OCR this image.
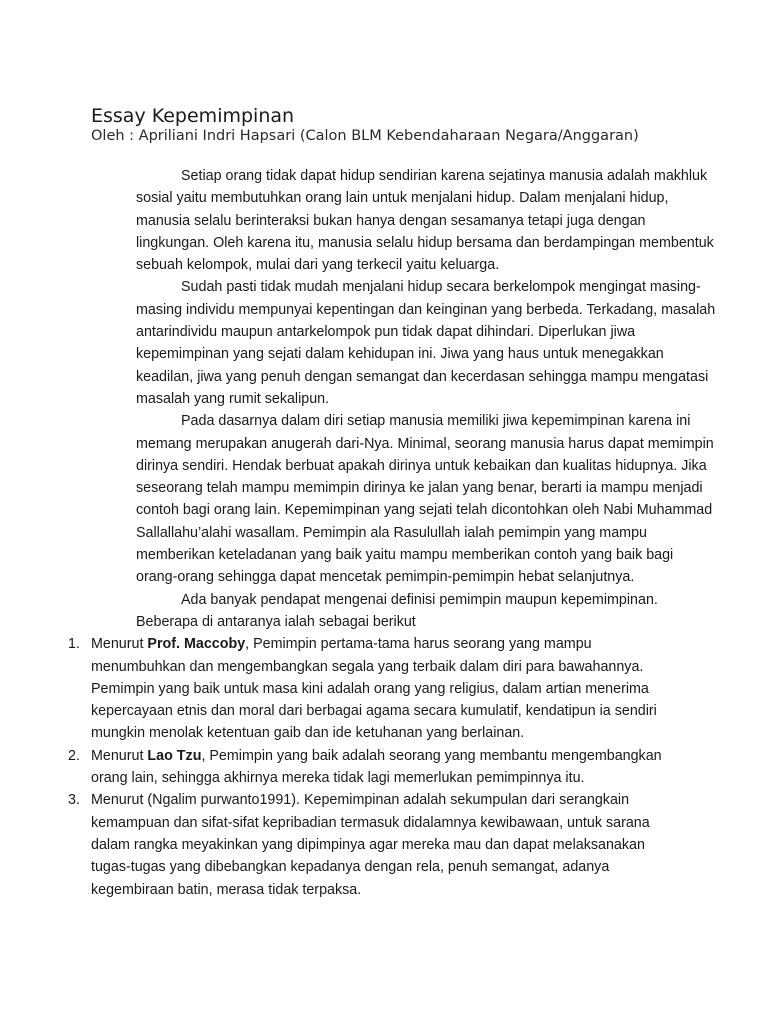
Essay Kepemimpinan

Oleh : Apriliani Indri Hapsari (Calon BLM Kebendaharaan Negara/Anggaran)

Setiap orang tidak dapat hidup sendirian karena sejatinya manusia adalah makhluk
sosial yaitu membutuhkan orang lain untuk menjalani hidup. Dalam menjalani hidup,
manusia selalu berinteraksi bukan hanya dengan sesamanya tetapi juga dengan
lingkungan. Oleh karena itu, manusia selalu hidup bersama dan berdampingan membentuk
sebuah kelompok, mulai dari yang terkecil yaitu keluarga.

Sudah pasti tidak mudah menjalani hidup secara berkelompok mengingat masing-
masing individu mempunyai kepentingan dan keinginan yang berbeda. Terkadang, masalah
antarindividu maupun antarkelompok pun tidak dapat dihindari. Diperlukan jiwa
kepemimpinan yang sejati dalam kehidupan ini. Jiwa yang haus untuk menegakkan
keadilan, jiwa yang penuh dengan semangat dan kecerdasan sehingga mampu mengatasi
masalah yang rumit sekalipun.

Pada dasarnya dalam diri setiap manusia memiliki jiwa kepemimpinan karena ini
memang merupakan anugerah dari-Nya. Minimal, seorang manusia harus dapat memimpin
dirinya sendiri. Hendak berbuat apakah dirinya untuk kebaikan dan kualitas hidupnya. Jika
seseorang telah mampu memimpin dirinya ke jalan yang benar, berarti ia mampu menjadi
contoh bagi orang lain. Kepemimpinan yang sejati telah dicontohkan oleh Nabi Muhammad
Sallallahu’alahi wasallam. Pemimpin ala Rasulullah ialah pemimpin yang mampu
memberikan keteladanan yang baik yaitu mampu memberikan contoh yang baik bagi
orang-orang sehingga dapat mencetak pemimpin-pemimpin hebat selanjutnya.

Ada banyak pendapat mengenai definisi pemimpin maupun kepemimpinan.
Beberapa di antaranya ialah sebagai berikut

1. Menurut Prof. Maccoby, Pemimpin pertama-tama harus seorang yang mampu
menumbuhkan dan mengembangkan segala yang terbaik dalam diri para bawahannya.
Pemimpin yang baik untuk masa kini adalah orang yang religius, dalam artian menerima
kepercayaan etnis dan moral dari berbagai agama secara kumulatif, kendatipun ia sendiri
mungkin menolak ketentuan gaib dan ide ketuhanan yang berlainan.
2. Menurut Lao Tzu, Pemimpin yang baik adalah seorang yang membantu mengembangkan
orang lain, sehingga akhirnya mereka tidak lagi memerlukan pemimpinnya itu.
3. Menurut (Ngalim purwanto1991). Kepemimpinan adalah sekumpulan dari serangkain
kemampuan dan sifat-sifat kepribadian termasuk didalamnya kewibawaan, untuk sarana
dalam rangka meyakinkan yang dipimpinya agar mereka mau dan dapat melaksanakan
tugas-tugas yang dibebangkan kepadanya dengan rela, penuh semangat, adanya
kegembiraan batin, merasa tidak terpaksa.
